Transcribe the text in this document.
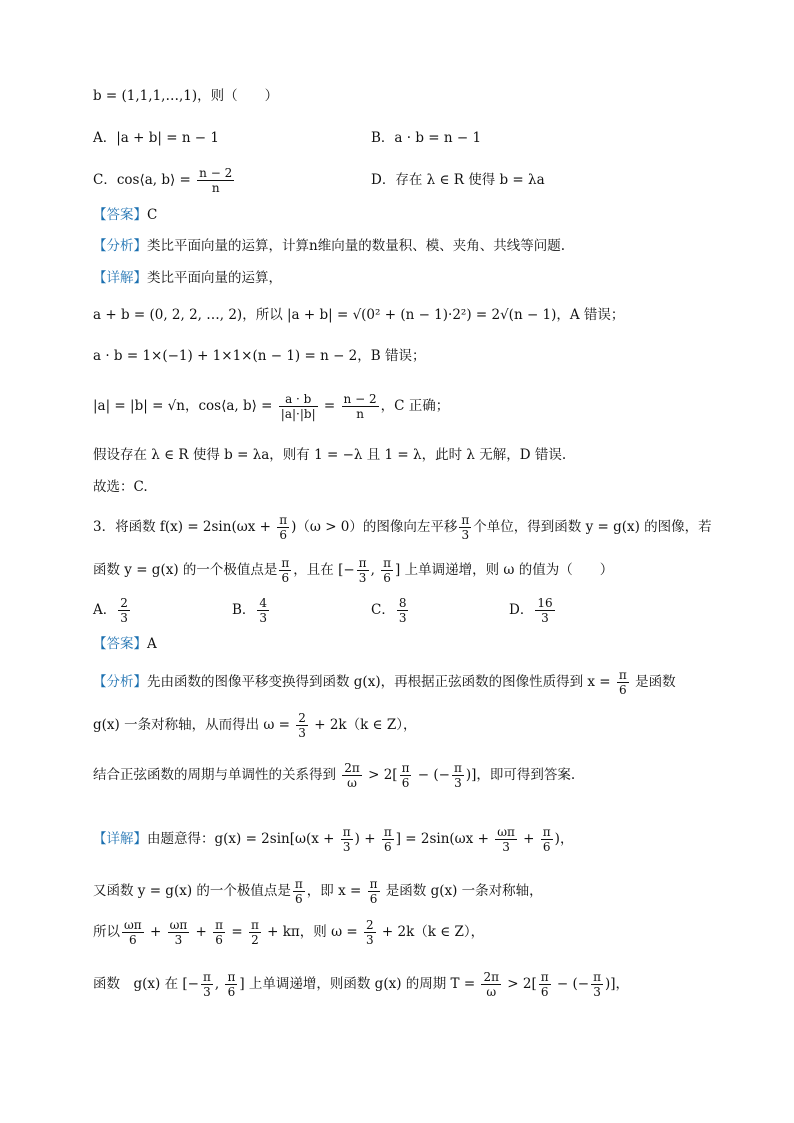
b = (1,1,1,…,1)，则（　　）
A．|a + b| = n − 1	B．a · b = n − 1
C．cos⟨a, b⟩ = $\frac{n - 2}{n}$	D．存在 λ ∈ R 使得 b = λa
【答案】C
【分析】类比平面向量的运算，计算n维向量的数量积、模、夹角、共线等问题.
【详解】类比平面向量的运算，
a + b = (0, 2, 2, …, 2)，所以 |a + b| = √(0² + (n − 1)·2²) = 2√(n − 1)，A 错误；
a · b = 1×(−1) + 1×1×(n − 1) = n − 2，B 错误；
|a| = |b| = √n，cos⟨a, b⟩ = $\frac{a \cdot b}{|a|\cdot|b|} = \frac{n - 2}{n}$ ，C 正确；
假设存在 λ ∈ R 使得 b = λa，则有 1 = −λ 且 1 = λ，此时 λ 无解，D 错误.
故选：C.
3．将函数 $f(x) = 2\sin(\omega x + \frac{\pi}{6} )(\omega > 0)$的图像向左平移 $\frac{\pi}{3}$ 个单位，得到函数 y = g(x) 的图像，若
函数 y = g(x) 的一个极值点是 $\frac{\pi}{6}$ ，且在 [− $\frac{\pi}{3}$ , $\frac{\pi}{6}$ ] 上单调递增，则 ω 的值为（　　）
A． $\frac{2}{3}$	B． $\frac{4}{3}$	C． $\frac{8}{3}$	D． $\frac{16}{3}$
【答案】A
【分析】先由函数的图像平移变换得到函数 g(x)，再根据正弦函数的图像性质得到 $x = \frac{\pi}{6}$ 是函数
g(x) 一条对称轴，从而得出 $\omega = \frac{2}{3} + 2k(k$ ∈ Z），
结合正弦函数的周期与单调性的关系得到 $\frac{2\pi}{\omega} > 2[ \frac{\pi}{6}$ − (− $\frac{\pi}{3}$ )]，即可得到答案.
【详解】由题意得：$g(x) = 2\sin[\omega(x + \frac{\pi}{3}$ ) + $\frac{\pi}{6}$ ] = $2\sin(\omega x + \frac{\omega\pi}{3} + \frac{\pi}{6}$ )，
又函数 y = g(x) 的一个极值点是 $\frac{\pi}{6}$ ，即 $x = \frac{\pi}{6}$ 是函数 g(x) 一条对称轴，
所以 $\frac{\omega\pi}{6} + \frac{\omega\pi}{3} + \frac{\pi}{6} = \frac{\pi}{2} + k\pi$，则 $\omega = \frac{2}{3} + 2k(k$ ∈ Z），
函数　g(x) 在 [− $\frac{\pi}{3}$ , $\frac{\pi}{6}$ ] 上单调递增，则函数 g(x) 的周期 $T = \frac{2\pi}{\omega} > 2[ \frac{\pi}{6}$ − (− $\frac{\pi}{3}$ )]，
